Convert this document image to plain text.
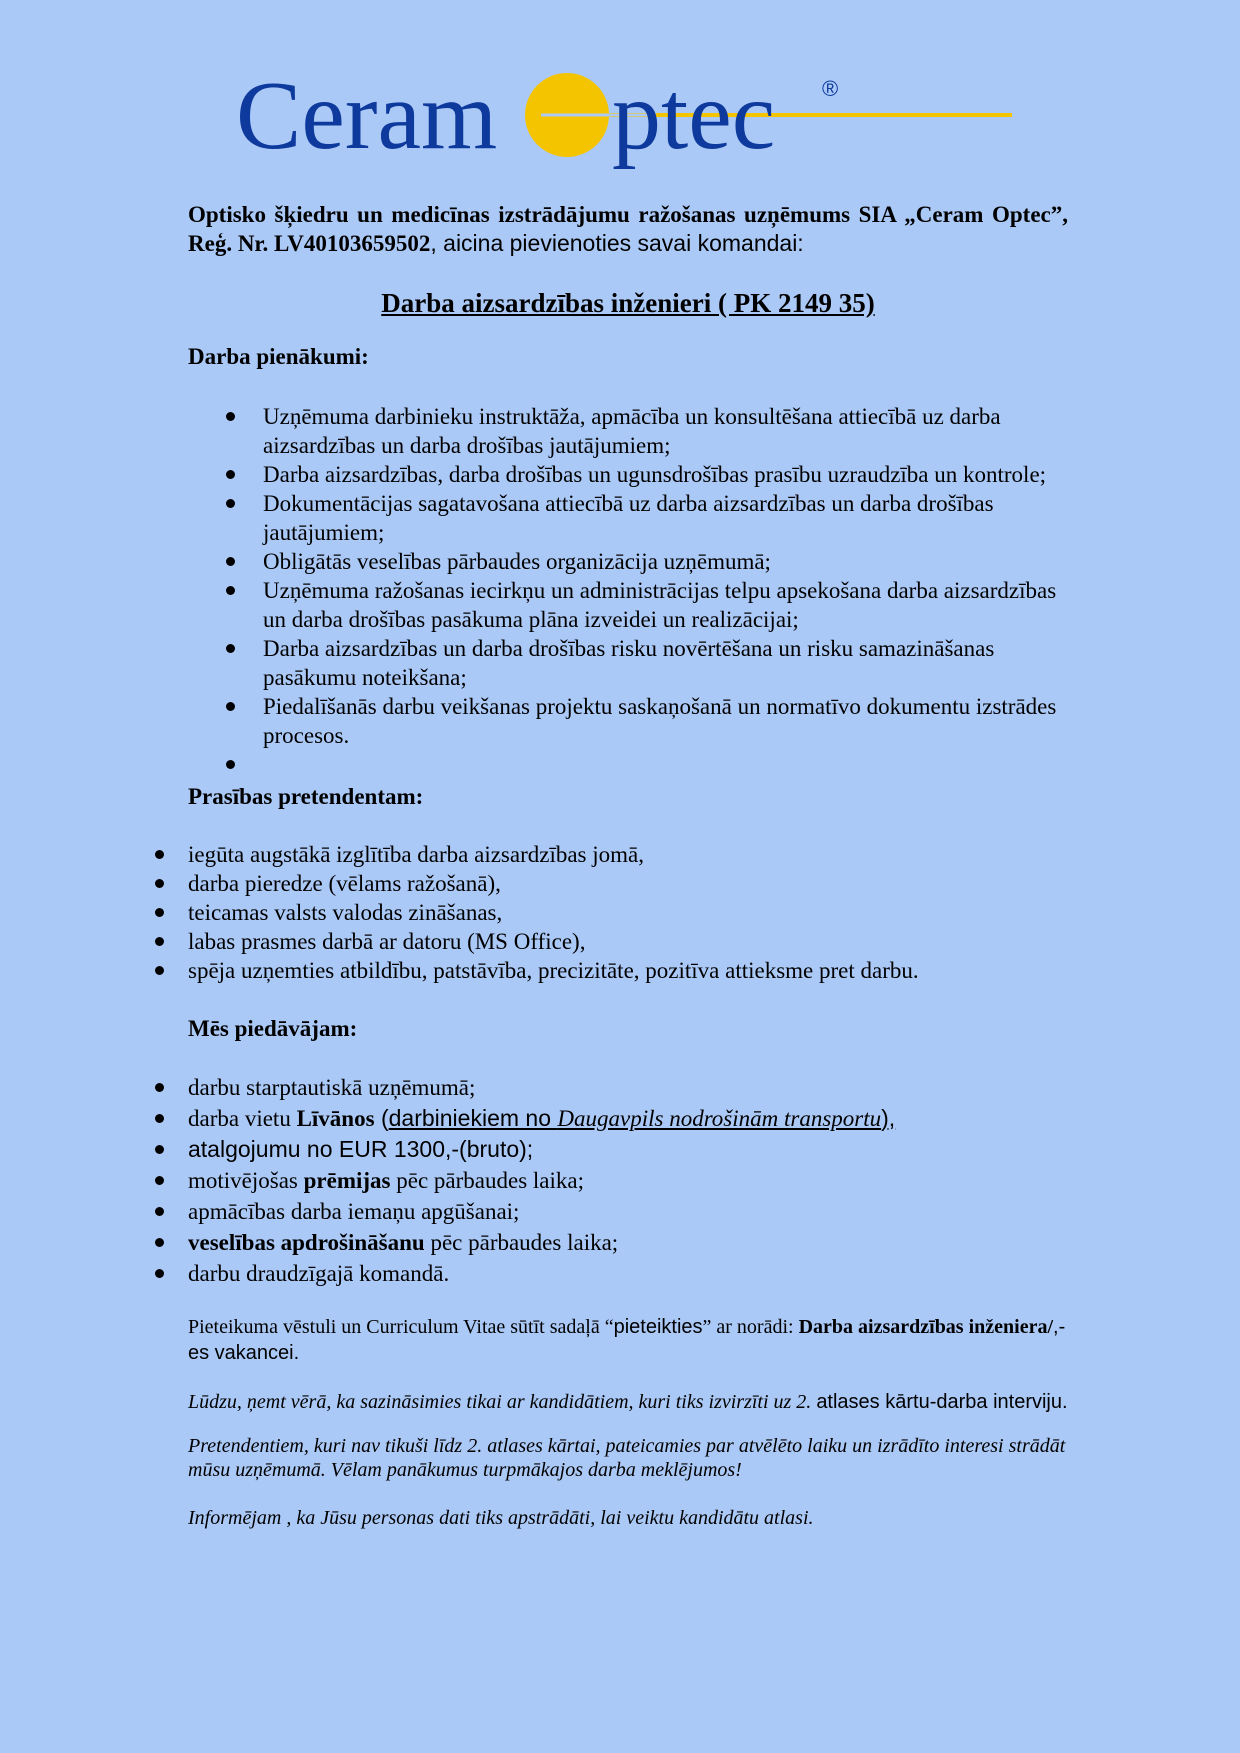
Ceram ptec ®

Optisko šķiedru un medicīnas izstrādājumu ražošanas uzņēmums SIA „Ceram Optec”, Reģ. Nr. LV40103659502, aicina pievienoties savai komandai:

Darba aizsardzības inženieri ( PK 2149 35)

Darba pienākumi:

Uzņēmuma darbinieku instruktāža, apmācība un konsultēšana attiecībā uz darba aizsardzības un darba drošības jautājumiem;
Darba aizsardzības, darba drošības un ugunsdrošības prasību uzraudzība un kontrole;
Dokumentācijas sagatavošana attiecībā uz darba aizsardzības un darba drošības jautājumiem;
Obligātās veselības pārbaudes organizācija uzņēmumā;
Uzņēmuma ražošanas iecirkņu un administrācijas telpu apsekošana darba aizsardzības un darba drošības pasākuma plāna izveidei un realizācijai;
Darba aizsardzības un darba drošības risku novērtēšana un risku samazināšanas pasākumu noteikšana;
Piedalīšanās darbu veikšanas projektu saskaņošanā un normatīvo dokumentu izstrādes procesos.

Prasības pretendentam:

iegūta augstākā izglītība darba aizsardzības jomā,
darba pieredze (vēlams ražošanā),
teicamas valsts valodas zināšanas,
labas prasmes darbā ar datoru (MS Office),
spēja uzņemties atbildību, patstāvība, precizitāte, pozitīva attieksme pret darbu.

Mēs piedāvājam:

darbu starptautiskā uzņēmumā;
darba vietu Līvānos (darbiniekiem no Daugavpils nodrošinām transportu),
atalgojumu no EUR 1300,-(bruto);
motivējošas prēmijas pēc pārbaudes laika;
apmācības darba iemaņu apgūšanai;
veselības apdrošināšanu pēc pārbaudes laika;
darbu draudzīgajā komandā.

Pieteikuma vēstuli un Curriculum Vitae sūtīt sadaļā “pieteikties” ar norādi: Darba aizsardzības inženiera/,-es vakancei.

Lūdzu, ņemt vērā, ka sazināsimies tikai ar kandidātiem, kuri tiks izvirzīti uz 2. atlases kārtu-darba interviju.

Pretendentiem, kuri nav tikuši līdz 2. atlases kārtai, pateicamies par atvēlēto laiku un izrādīto interesi strādāt mūsu uzņēmumā. Vēlam panākumus turpmākajos darba meklējumos!

Informējam , ka Jūsu personas dati tiks apstrādāti, lai veiktu kandidātu atlasi.
